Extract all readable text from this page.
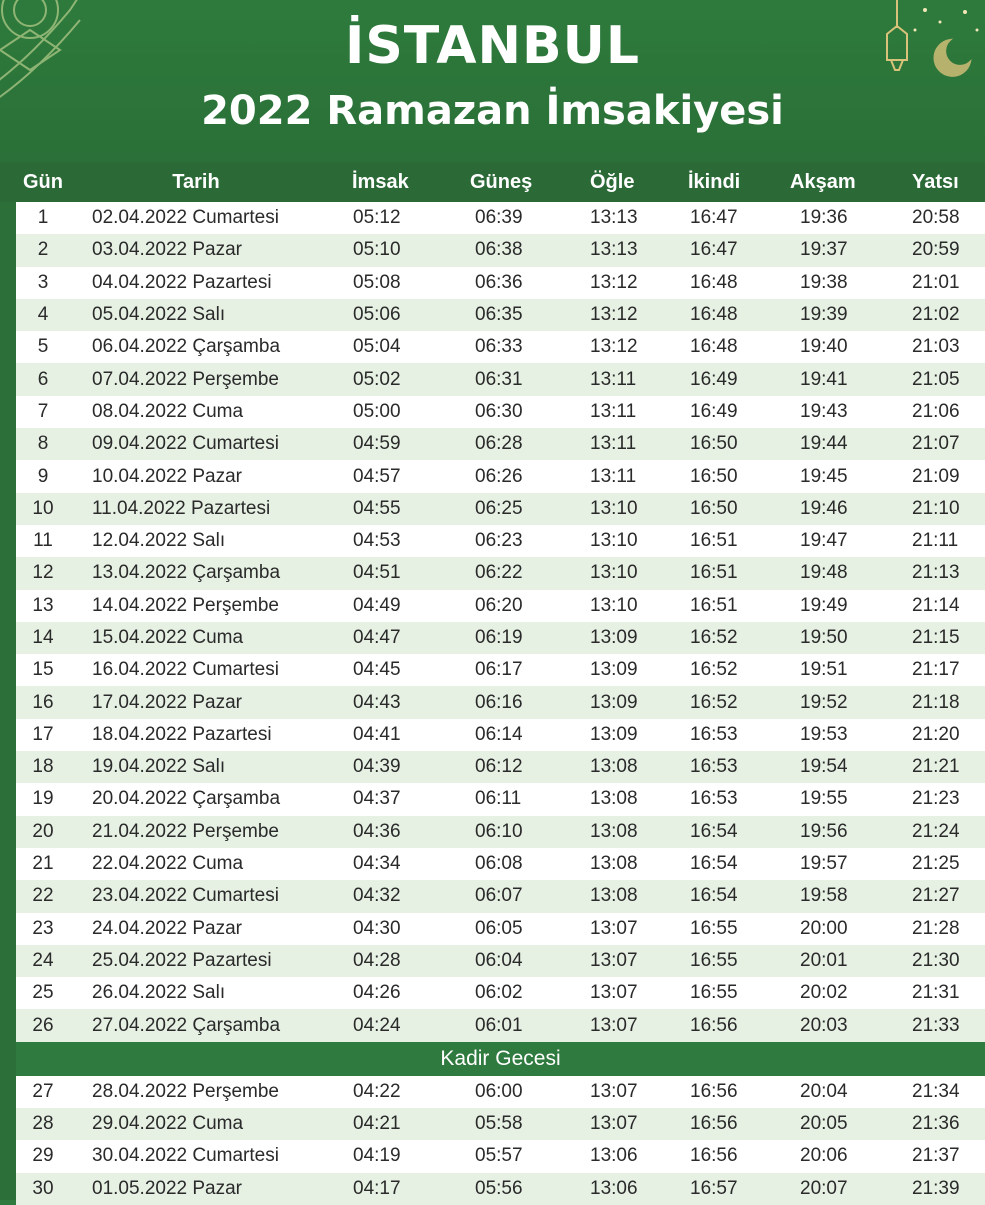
İSTANBUL
2022 Ramazan İmsakiyesi
Gün	Tarih	İmsak	Güneş	Öğle	İkindi	Akşam	Yatsı
1	02.04.2022 Cumartesi	05:12	06:39	13:13	16:47	19:36	20:58
2	03.04.2022 Pazar	05:10	06:38	13:13	16:47	19:37	20:59
3	04.04.2022 Pazartesi	05:08	06:36	13:12	16:48	19:38	21:01
4	05.04.2022 Salı	05:06	06:35	13:12	16:48	19:39	21:02
5	06.04.2022 Çarşamba	05:04	06:33	13:12	16:48	19:40	21:03
6	07.04.2022 Perşembe	05:02	06:31	13:11	16:49	19:41	21:05
7	08.04.2022 Cuma	05:00	06:30	13:11	16:49	19:43	21:06
8	09.04.2022 Cumartesi	04:59	06:28	13:11	16:50	19:44	21:07
9	10.04.2022 Pazar	04:57	06:26	13:11	16:50	19:45	21:09
10	11.04.2022 Pazartesi	04:55	06:25	13:10	16:50	19:46	21:10
11	12.04.2022 Salı	04:53	06:23	13:10	16:51	19:47	21:11
12	13.04.2022 Çarşamba	04:51	06:22	13:10	16:51	19:48	21:13
13	14.04.2022 Perşembe	04:49	06:20	13:10	16:51	19:49	21:14
14	15.04.2022 Cuma	04:47	06:19	13:09	16:52	19:50	21:15
15	16.04.2022 Cumartesi	04:45	06:17	13:09	16:52	19:51	21:17
16	17.04.2022 Pazar	04:43	06:16	13:09	16:52	19:52	21:18
17	18.04.2022 Pazartesi	04:41	06:14	13:09	16:53	19:53	21:20
18	19.04.2022 Salı	04:39	06:12	13:08	16:53	19:54	21:21
19	20.04.2022 Çarşamba	04:37	06:11	13:08	16:53	19:55	21:23
20	21.04.2022 Perşembe	04:36	06:10	13:08	16:54	19:56	21:24
21	22.04.2022 Cuma	04:34	06:08	13:08	16:54	19:57	21:25
22	23.04.2022 Cumartesi	04:32	06:07	13:08	16:54	19:58	21:27
23	24.04.2022 Pazar	04:30	06:05	13:07	16:55	20:00	21:28
24	25.04.2022 Pazartesi	04:28	06:04	13:07	16:55	20:01	21:30
25	26.04.2022 Salı	04:26	06:02	13:07	16:55	20:02	21:31
26	27.04.2022 Çarşamba	04:24	06:01	13:07	16:56	20:03	21:33
Kadir Gecesi
27	28.04.2022 Perşembe	04:22	06:00	13:07	16:56	20:04	21:34
28	29.04.2022 Cuma	04:21	05:58	13:07	16:56	20:05	21:36
29	30.04.2022 Cumartesi	04:19	05:57	13:06	16:56	20:06	21:37
30	01.05.2022 Pazar	04:17	05:56	13:06	16:57	20:07	21:39
